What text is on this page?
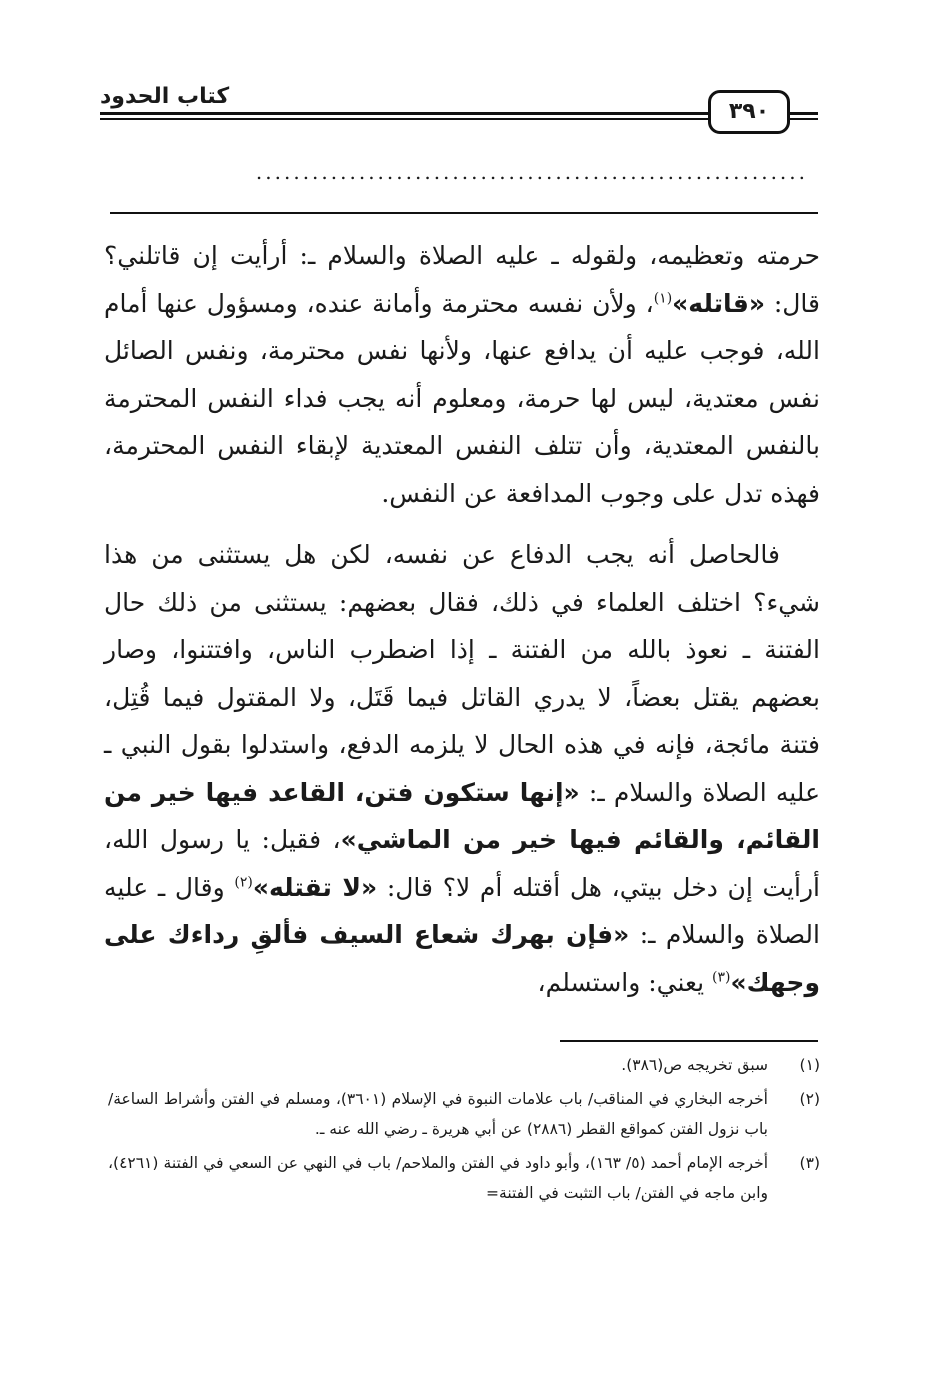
كتاب الحدود
٣٩٠
...........................................................

حرمته وتعظيمه، ولقوله ـ عليه الصلاة والسلام ـ: أرأيت إن قاتلني؟ قال: «قاتله»$^{(١)}$، ولأن نفسه محترمة وأمانة عنده، ومسؤول عنها أمام الله، فوجب عليه أن يدافع عنها، ولأنها نفس محترمة، ونفس الصائل نفس معتدية، ليس لها حرمة، ومعلوم أنه يجب فداء النفس المحترمة بالنفس المعتدية، وأن تتلف النفس المعتدية لإبقاء النفس المحترمة، فهذه تدل على وجوب المدافعة عن النفس.

فالحاصل أنه يجب الدفاع عن نفسه، لكن هل يستثنى من هذا شيء؟ اختلف العلماء في ذلك، فقال بعضهم: يستثنى من ذلك حال الفتنة ـ نعوذ بالله من الفتنة ـ إذا اضطرب الناس، وافتتنوا، وصار بعضهم يقتل بعضاً، لا يدري القاتل فيما قَتَل، ولا المقتول فيما قُتِل، فتنة مائجة، فإنه في هذه الحال لا يلزمه الدفع، واستدلوا بقول النبي ـ عليه الصلاة والسلام ـ: «إنها ستكون فتن، القاعد فيها خير من القائم، والقائم فيها خير من الماشي»، فقيل: يا رسول الله، أرأيت إن دخل بيتي، هل أقتله أم لا؟ قال: «لا تقتله»$^{(٢)}$ وقال ـ عليه الصلاة والسلام ـ: «فإن بهرك شعاع السيف فألقِ رداءك على وجهك»$^{(٣)}$ يعني: واستسلم،

(١)
سبق تخريجه ص(٣٨٦).
(٢)
أخرجه البخاري في المناقب/ باب علامات النبوة في الإسلام (٣٦٠١)، ومسلم في الفتن وأشراط الساعة/ باب نزول الفتن كمواقع القطر (٢٨٨٦) عن أبي هريرة ـ رضي الله عنه ـ.
(٣)
أخرجه الإمام أحمد (٥/ ١٦٣)، وأبو داود في الفتن والملاحم/ باب في النهي عن السعي في الفتنة (٤٢٦١)، وابن ماجه في الفتن/ باب التثبت في الفتنة=
